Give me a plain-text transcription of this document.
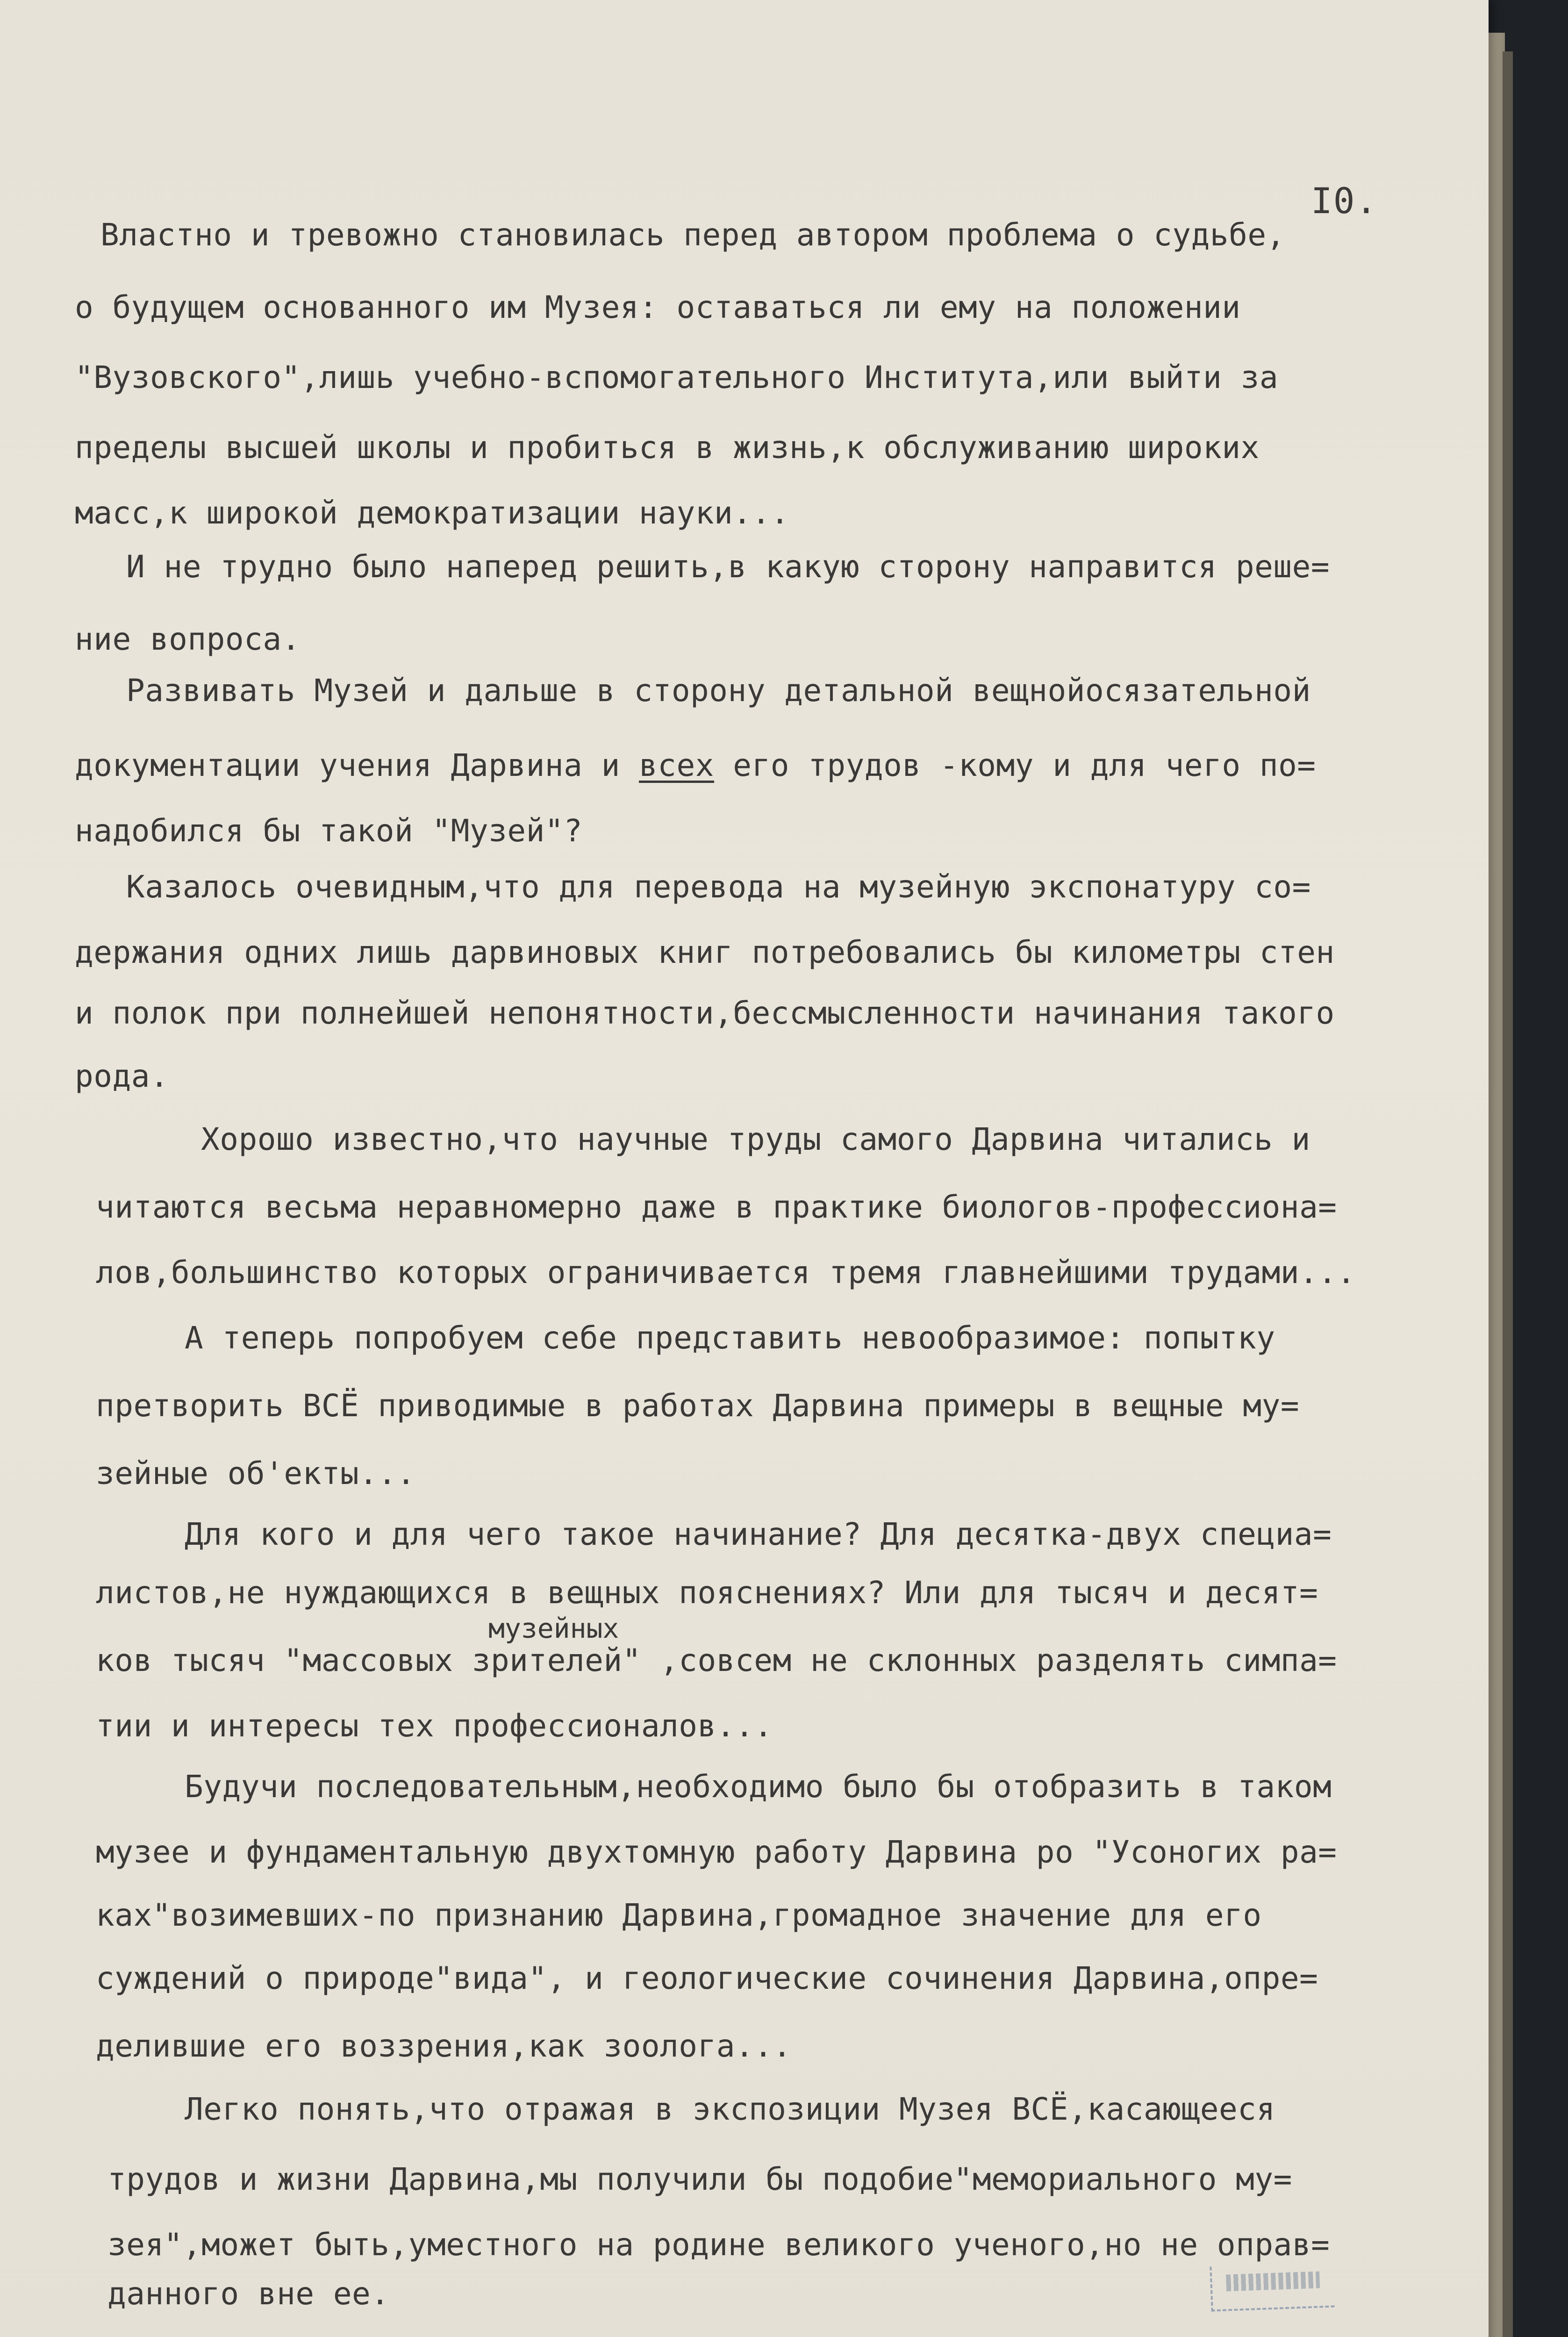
I0.
Властно и тревожно становилась перед автором проблема о судьбе,
о будущем основанного им Музея: оставаться ли ему на положении
"Вузовского",лишь учебно-вспомогательного Института,или выйти за
пределы высшей школы и пробиться в жизнь,к обслуживанию широких
масс,к широкой демократизации науки...
И не трудно было наперед решить,в какую сторону направится реше=
ние вопроса.
Развивать Музей и дальше в сторону детальной вещнойосязательной
документации учения Дарвина и всех его трудов -кому и для чего по=
надобился бы такой "Музей"?
Казалось очевидным,что для перевода на музейную экспонатуру со=
держания одних лишь дарвиновых книг потребовались бы километры стен
и полок при полнейшей непонятности,бессмысленности начинания такого
рода.
Хорошо известно,что научные труды самого Дарвина читались и
читаются весьма неравномерно даже в практике биологов-профессиона=
лов,большинство которых ограничивается тремя главнейшими трудами...
А теперь попробуем себе представить невообразимое: попытку
претворить ВСЁ приводимые в работах Дарвина примеры в вещные му=
зейные об'екты...
Для кого и для чего такое начинание? Для десятка-двух специа=
листов,не нуждающихся в вещных пояснениях? Или для тысяч и десят=
музейных
ков тысяч "массовых зрителей" ,совсем не склонных разделять симпа=
тии и интересы тех профессионалов...
Будучи последовательным,необходимо было бы отобразить в таком
музее и фундаментальную двухтомную работу Дарвина ро "Усоногих ра=
ках"возимевших-по признанию Дарвина,громадное значение для его
суждений о природе"вида", и геологические сочинения Дарвина,опре=
делившие его воззрения,как зоолога...
Легко понять,что отражая в экспозиции Музея ВСЁ,касающееся
трудов и жизни Дарвина,мы получили бы подобие"мемориального му=
зея",может быть,уместного на родине великого ученого,но не оправ=
данного вне ее.
